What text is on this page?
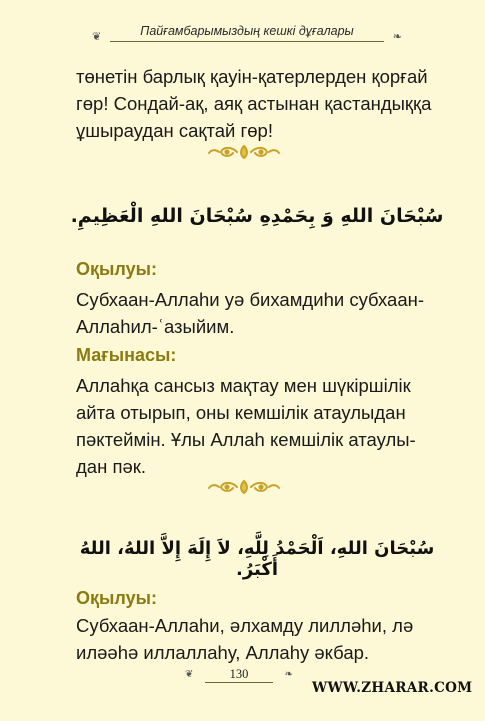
❦	Пайғамбарымыздың кешкі дұғалары	❧

төнетін барлық қауін-қатерлерден қорғай
гөр! Сондай-ақ, аяқ астынан қастандыққа
ұшыраудан сақтай гөр!

سُبْحَانَ اللهِ وَ بِحَمْدِهِ سُبْحَانَ اللهِ الْعَظِيمِ.
Оқылуы:

Субхаан-Аллаhи уә бихамдиhи субхаан-
Аллаhил-ʿазыйим.

Мағынасы:

Аллаһқа сансыз мақтау мен шүкіршілік
айта отырып, оны кемшілік атаулыдан
пәктеймін. Ұлы Аллаһ кемшілік атаулы-
дан пәк.

سُبْحَانَ اللهِ، اَلْحَمْدُ لِلَّهِ، لاَ إِلَهَ إِلاَّ اللهُ، اللهُ أَكْبَرُ.
Оқылуы:

Субхаан-Аллаhи, әлхамду лилләhи, лә
иләәһә иллаллаһу, Аллаһу әкбар.

❦	130	❧
WWW.ZHARAR.COM
